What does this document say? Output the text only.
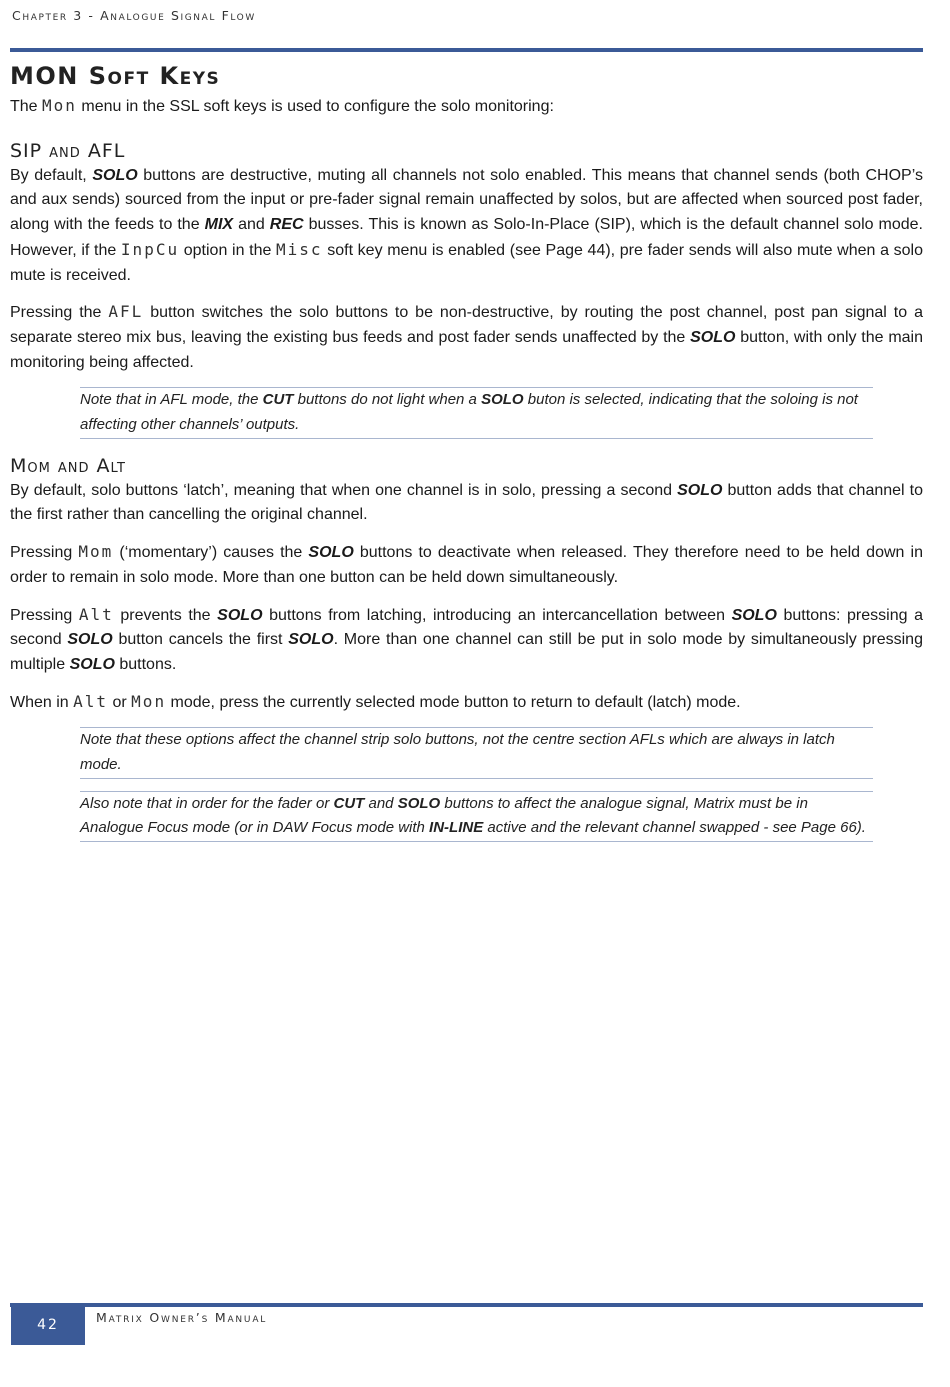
Chapter 3 - Analogue Signal Flow
MON Soft Keys

The Mon menu in the SSL soft keys is used to configure the solo monitoring:

SIP and AFL

By default, SOLO buttons are destructive, muting all channels not solo enabled. This means that channel sends (both CHOP’s and aux sends) sourced from the input or pre-fader signal remain unaffected by solos, but are affected when sourced post fader, along with the feeds to the MIX and REC busses. This is known as Solo-In-Place (SIP), which is the default channel solo mode. However, if the InpCu option in the Misc soft key menu is enabled (see Page 44), pre fader sends will also mute when a solo mute is received.

Pressing the AFL button switches the solo buttons to be non-destructive, by routing the post channel, post pan signal to a separate stereo mix bus, leaving the existing bus feeds and post fader sends unaffected by the SOLO button, with only the main monitoring being affected.

Note that in AFL mode, the CUT buttons do not light when a SOLO buton is selected, indicating that the soloing is not affecting other channels’ outputs.
Mom and Alt

By default, solo buttons ‘latch’, meaning that when one channel is in solo, pressing a second SOLO button adds that channel to the first rather than cancelling the original channel.

Pressing Mom (‘momentary’) causes the SOLO buttons to deactivate when released. They therefore need to be held down in order to remain in solo mode. More than one button can be held down simultaneously.

Pressing Alt prevents the SOLO buttons from latching, introducing an intercancellation between SOLO buttons: pressing a second SOLO button cancels the first SOLO. More than one channel can still be put in solo mode by simultaneously pressing multiple SOLO buttons.

When in Alt or Mon mode, press the currently selected mode button to return to default (latch) mode.

Note that these options affect the channel strip solo buttons, not the centre section AFLs which are always in latch mode.
Also note that in order for the fader or CUT and SOLO buttons to affect the analogue signal, Matrix must be in Analogue Focus mode (or in DAW Focus mode with IN-LINE active and the relevant channel swapped - see Page 66).
42	Matrix Owner’s Manual
